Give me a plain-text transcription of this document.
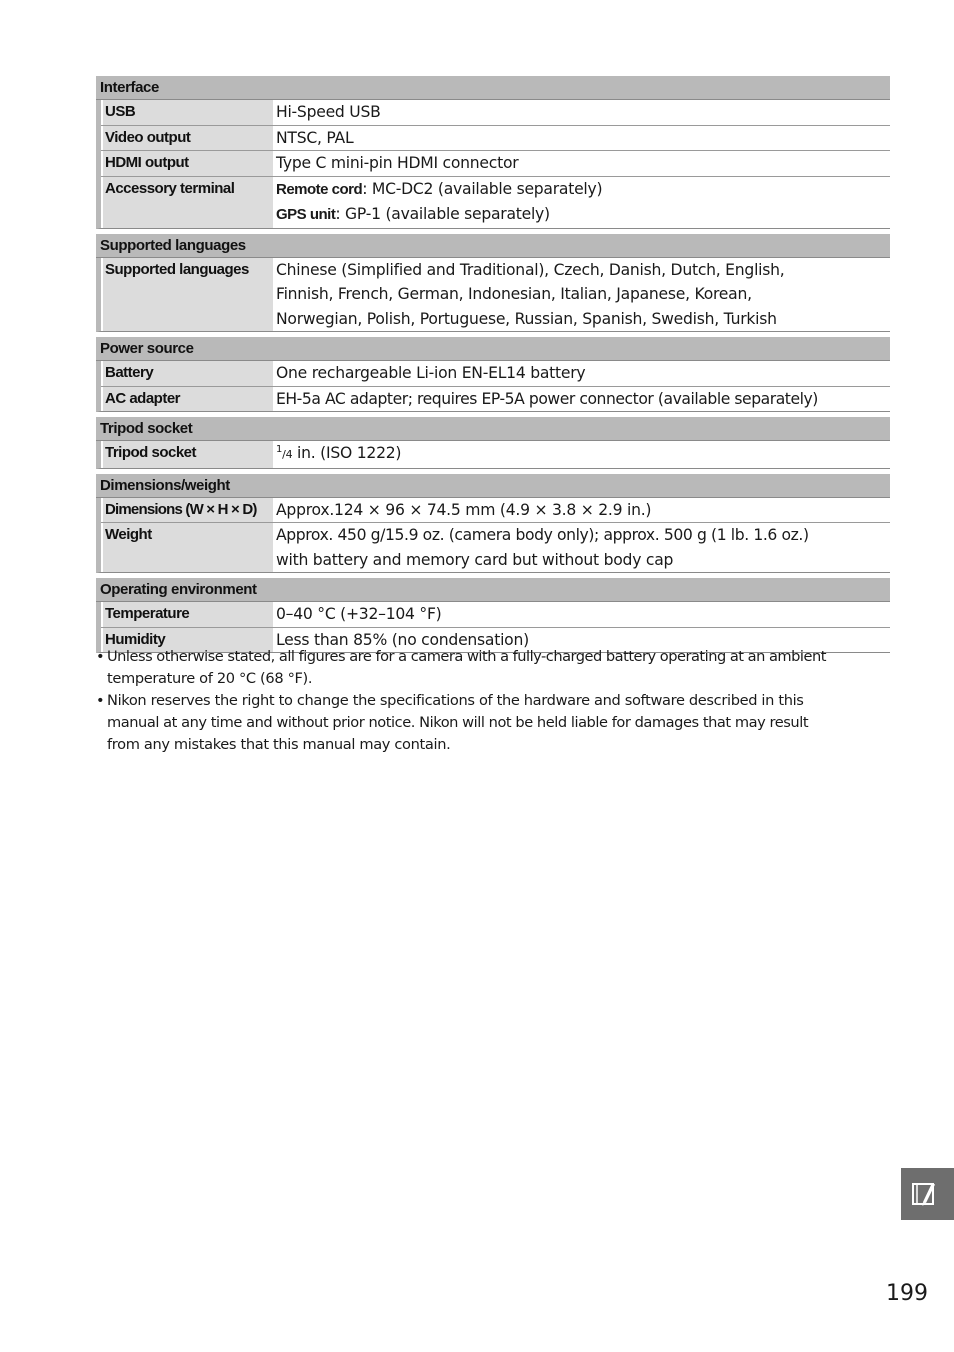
Interface
USB	Hi-Speed USB
Video output	NTSC, PAL
HDMI output	Type C mini-pin HDMI connector
Accessory terminal	Remote cord: MC-DC2 (available separately)
GPS unit: GP-1 (available separately)
Supported languages
Supported languages	Chinese (Simplified and Traditional), Czech, Danish, Dutch, English,
Finnish, French, German, Indonesian, Italian, Japanese, Korean,
Norwegian, Polish, Portuguese, Russian, Spanish, Swedish, Turkish
Power source
Battery	One rechargeable Li-ion EN-EL14 battery
AC adapter	EH-5a AC adapter; requires EP-5A power connector (available separately)
Tripod socket
Tripod socket	$^1$/4 in. (ISO 1222)
Dimensions/weight
Dimensions (W × H × D)	Approx.124 × 96 × 74.5 mm (4.9 × 3.8 × 2.9 in.)
Weight	Approx. 450 g/15.9 oz. (camera body only); approx. 500 g (1 lb. 1.6 oz.)
with battery and memory card but without body cap
Operating environment
Temperature	0–40 °C (+32–104 °F)
Humidity	Less than 85% (no condensation)
• Unless otherwise stated, all figures are for a camera with a fully-charged battery operating at an ambient
temperature of 20 °C (68 °F).
• Nikon reserves the right to change the specifications of the hardware and software described in this
manual at any time and without prior notice. Nikon will not be held liable for damages that may result
from any mistakes that this manual may contain.
199
